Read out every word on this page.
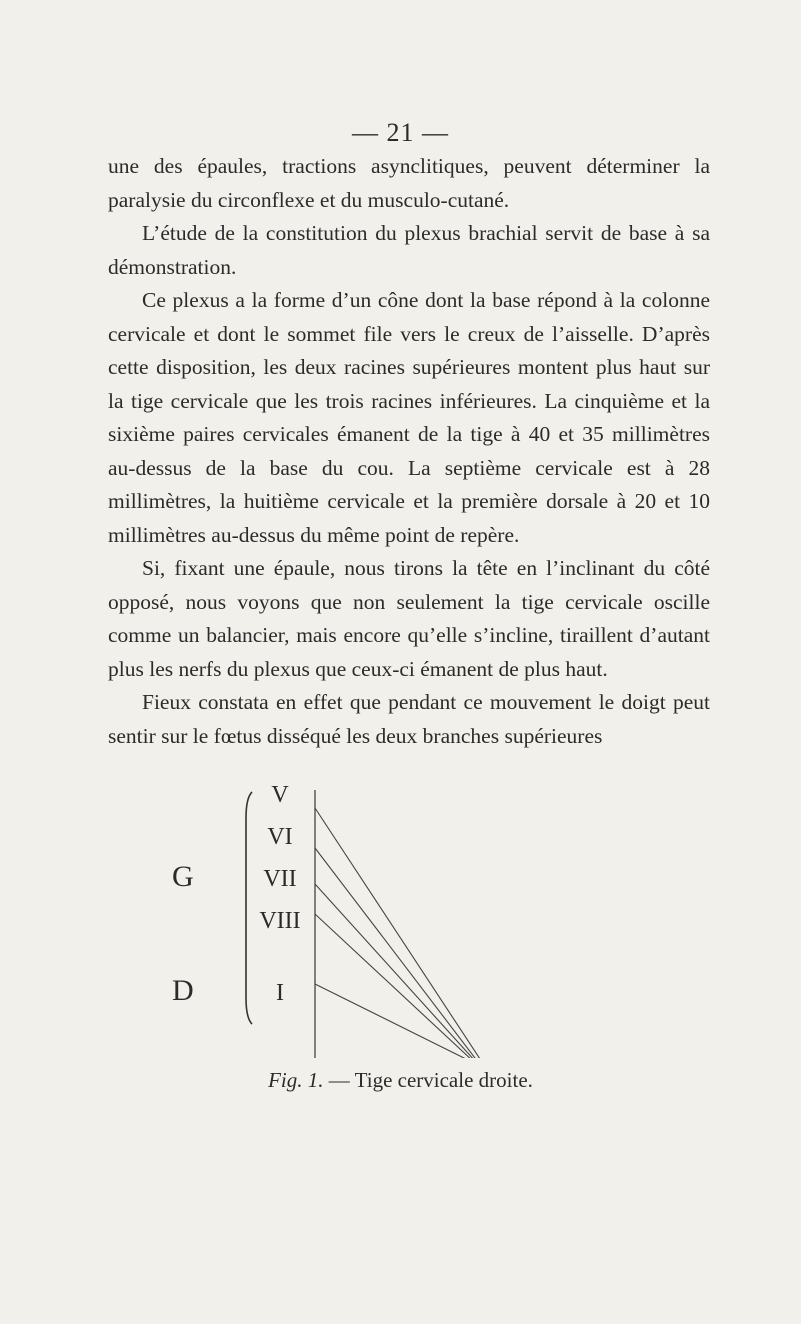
— 21 —

une des épaules, tractions asynclitiques, peuvent déterminer la paralysie du circonflexe et du musculo-cutané.

L’étude de la constitution du plexus brachial servit de base à sa démonstration.

Ce plexus a la forme d’un cône dont la base répond à la colonne cervicale et dont le sommet file vers le creux de l’aisselle. D’après cette disposition, les deux racines supérieures montent plus haut sur la tige cervicale que les trois racines inférieures. La cinquième et la sixième paires cervicales émanent de la tige à 40 et 35 millimètres au-dessus de la base du cou. La septième cervicale est à 28 millimètres, la huitième cervicale et la première dorsale à 20 et 10 millimètres au-dessus du même point de repère.

Si, fixant une épaule, nous tirons la tête en l’inclinant du côté opposé, nous voyons que non seulement la tige cervicale oscille comme un balancier, mais encore qu’elle s’incline, tiraillent d’autant plus les nerfs du plexus que ceux-ci émanent de plus haut.

Fieux constata en effet que pendant ce mouvement le doigt peut sentir sur le fœtus disséqué les deux branches supérieures

G
D
V
VI
VII
VIII
I
Fig. 1. — Tige cervicale droite.
